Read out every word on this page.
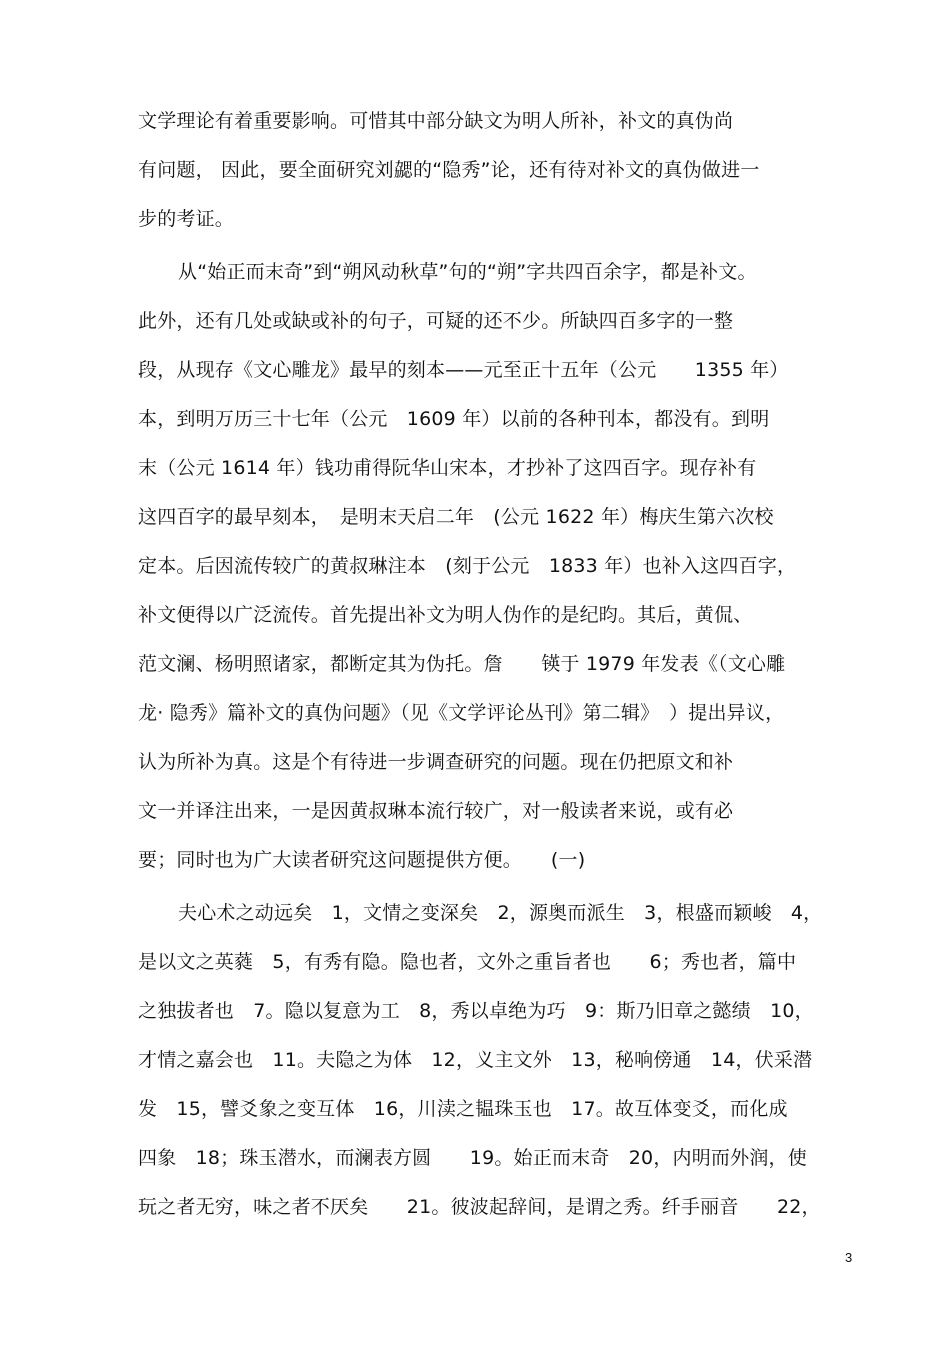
文学理论有着重要影响。可惜其中部分缺文为明人所补，补文的真伪尚
有问题， 因此，要全面研究刘勰的“隐秀”论，还有待对补文的真伪做进一
步的考证。
从“始正而末奇”到“朔风动秋草”句的“朔”字共四百余字，都是补文。
此外，还有几处或缺或补的句子，可疑的还不少。所缺四百多字的一整
段，从现存《文心雕龙》最早的刻本——元至正十五年（公元　　1355 年）
本，到明万历三十七年（公元　1609 年）以前的各种刊本，都没有。到明
末（公元 1614 年）钱功甫得阮华山宋本，才抄补了这四百字。现存补有
这四百字的最早刻本，　是明末天启二年　(公元 1622 年）梅庆生第六次校
定本。后因流传较广的黄叔琳注本　(刻于公元　1833 年）也补入这四百字，
补文便得以广泛流传。首先提出补文为明人伪作的是纪昀。其后，黄侃、
范文澜、杨明照诸家，都断定其为伪托。詹　　锳于 1979 年发表《（文心雕
龙· 隐秀》篇补文的真伪问题》（见《文学评论丛刊》第二辑》　）提出异议，
认为所补为真。这是个有待进一步调查研究的问题。现在仍把原文和补
文一并译注出来，一是因黄叔琳本流行较广，对一般读者来说，或有必
要；同时也为广大读者研究这问题提供方便。　　(一)
夫心术之动远矣　1，文情之变深矣　2，源奥而派生　3，根盛而颖峻　4，
是以文之英蕤　5，有秀有隐。隐也者，文外之重旨者也　　6；秀也者，篇中
之独拔者也　7。隐以复意为工　8，秀以卓绝为巧　9：斯乃旧章之懿绩　10，
才情之嘉会也　11。夫隐之为体　12，义主文外　13，秘响傍通　14，伏采潜
发　15，譬爻象之变互体　16，川渎之韫珠玉也　17。故互体变爻，而化成
四象　18；珠玉潜水，而澜表方圆　　19。始正而末奇　20，内明而外润，使
玩之者无穷，味之者不厌矣　　21。彼波起辞间，是谓之秀。纤手丽音　　22，
3
